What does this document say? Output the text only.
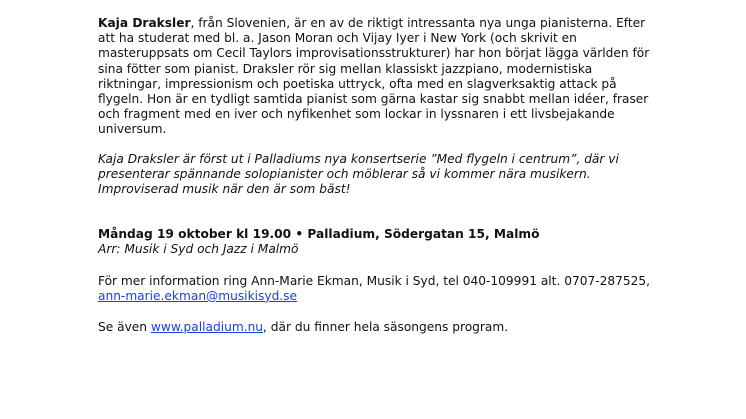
Kaja Draksler, från Slovenien, är en av de riktigt intressanta nya unga pianisterna. Efter att ha studerat med bl. a. Jason Moran och Vijay Iyer i New York (och skrivit en masteruppsats om Cecil Taylors improvisationsstrukturer) har hon börjat lägga världen för sina fötter som pianist. Draksler rör sig mellan klassiskt jazzpiano, modernistiska riktningar, impressionism och poetiska uttryck, ofta med en slagverksaktig attack på flygeln. Hon är en tydligt samtida pianist som gärna kastar sig snabbt mellan idéer, fraser och fragment med en iver och nyfikenhet som lockar in lyssnaren i ett livsbejakande universum.

Kaja Draksler är först ut i Palladiums nya konsertserie ”Med flygeln i centrum”, där vi presenterar spännande solopianister och möblerar så vi kommer nära musikern. Improviserad musik när den är som bäst!

Måndag 19 oktober kl 19.00 • Palladium, Södergatan 15, Malmö

Arr: Musik i Syd och Jazz i Malmö

För mer information ring Ann-Marie Ekman, Musik i Syd, tel 040-109991 alt. 0707-287525, ann-marie.ekman@musikisyd.se

Se även www.palladium.nu, där du finner hela säsongens program.
